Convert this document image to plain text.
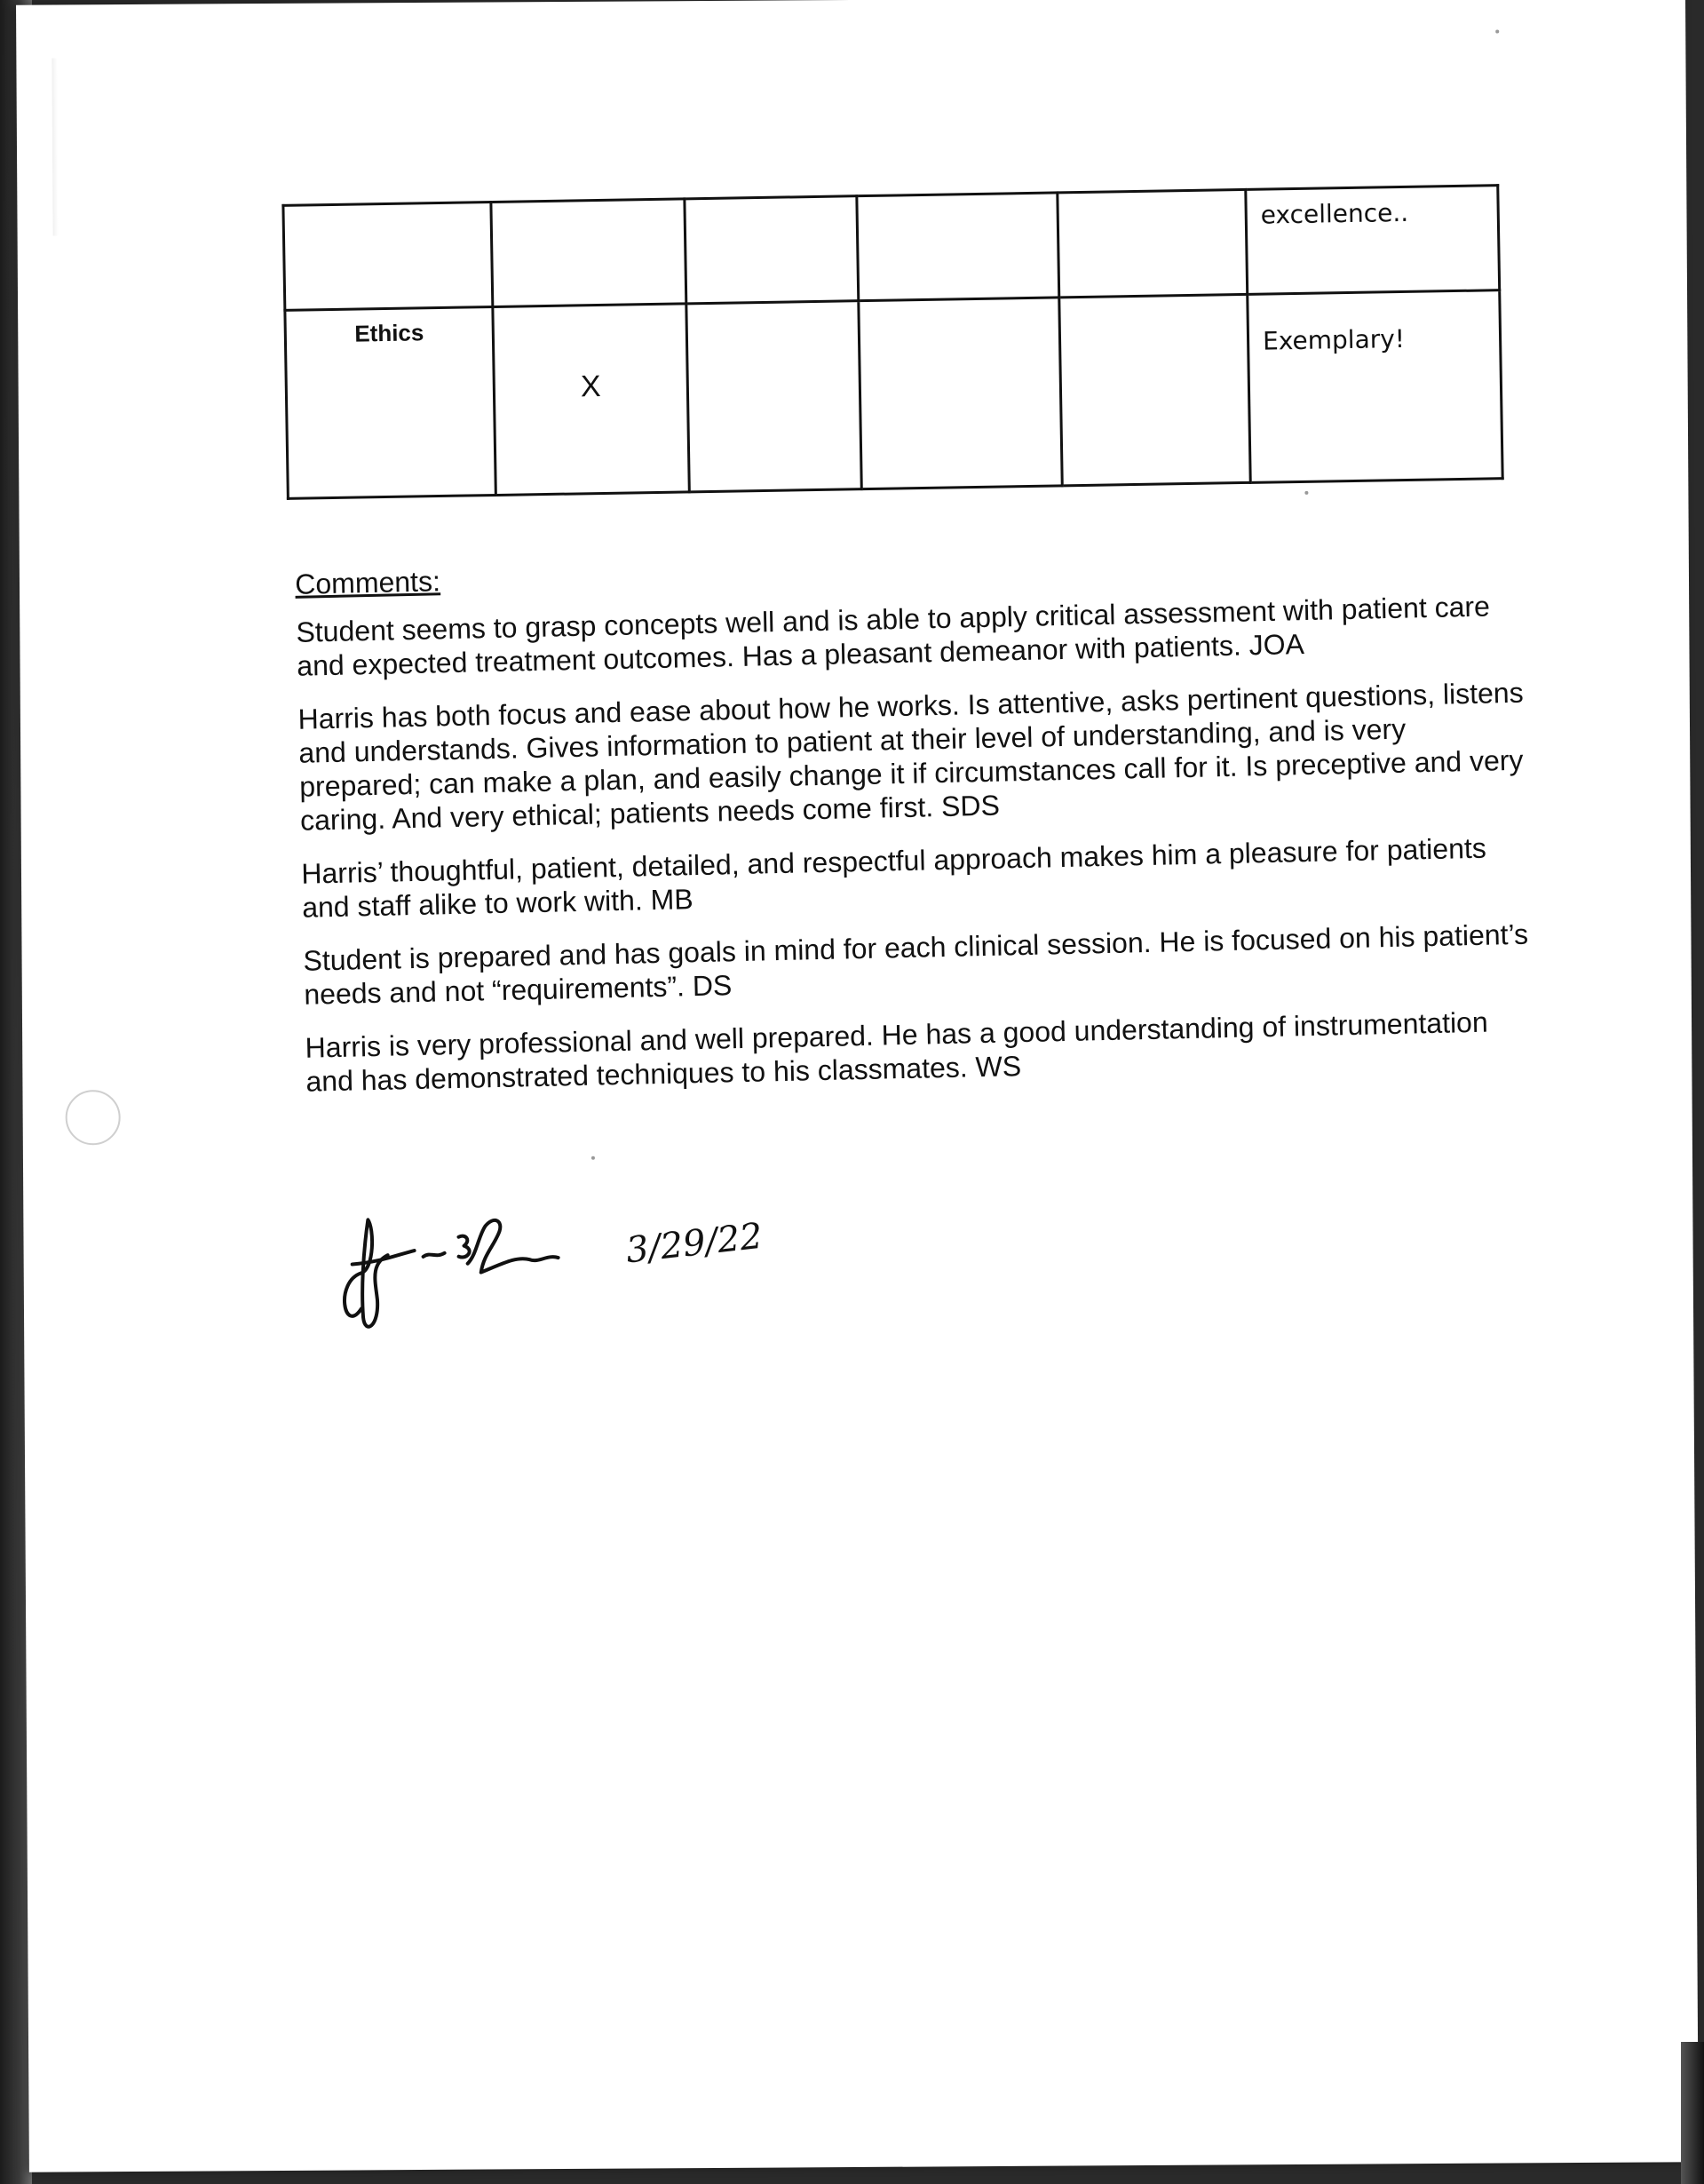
					excellence..

Ethics	X				Exemplary!

Comments:

Student seems to grasp concepts well and is able to apply critical assessment with patient care and expected treatment outcomes. Has a pleasant demeanor with patients. JOA

Harris has both focus and ease about how he works. Is attentive, asks pertinent questions, listens and understands. Gives information to patient at their level of understanding, and is very prepared; can make a plan, and easily change it if circumstances call for it. Is preceptive and very caring. And very ethical; patients needs come first. SDS

Harris’ thoughtful, patient, detailed, and respectful approach makes him a pleasure for patients and staff alike to work with. MB

Student is prepared and has goals in mind for each clinical session. He is focused on his patient’s needs and not “requirements”. DS

Harris is very professional and well prepared. He has a good understanding of instrumentation and has demonstrated techniques to his classmates. WS

3/29/22
